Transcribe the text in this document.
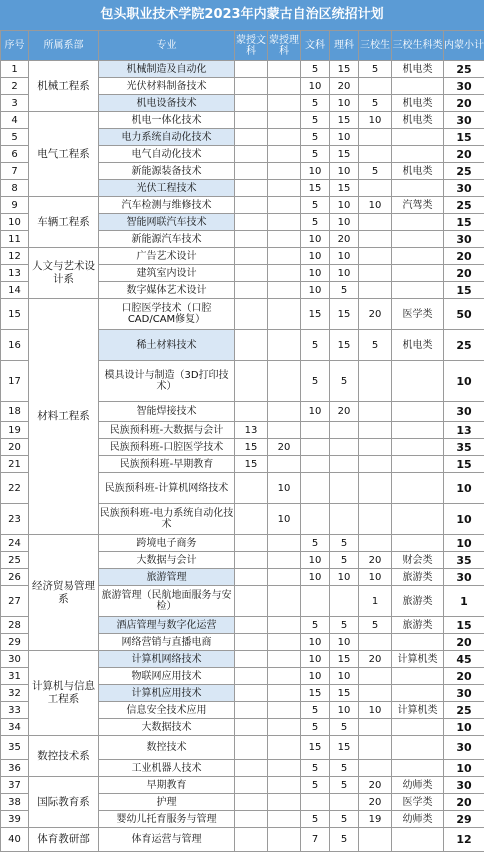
包头职业技术学院2023年内蒙古自治区统招计划
序号	所属系部	专业	蒙授文科	蒙授理科	文科	理科	三校生	三校生科类	内蒙小计
1	机械工程系	机械制造及自动化			5	15	5	机电类	25
2		光伏材料制备技术			10	20			30
3		机电设备技术			5	10	5	机电类	20
4	电气工程系	机电一体化技术			5	15	10	机电类	30
5		电力系统自动化技术			5	10			15
6		电气自动化技术			5	15			20
7		新能源装备技术			10	10	5	机电类	25
8		光伏工程技术			15	15			30
9	车辆工程系	汽车检测与维修技术			5	10	10	汽驾类	25
10		智能网联汽车技术			5	10			15
11		新能源汽车技术			10	20			30
12	人文与艺术设计系	广告艺术设计			10	10			20
13		建筑室内设计			10	10			20
14		数字媒体艺术设计			10	5			15
15	材料工程系	口腔医学技术（口腔CAD/CAM修复）			15	15	20	医学类	50
16		稀土材料技术			5	15	5	机电类	25
17		模具设计与制造（3D打印技术）			5	5			10
18		智能焊接技术			10	20			30
19		民族预科班-大数据与会计	13						13
20		民族预科班-口腔医学技术	15	20					35
21		民族预科班-早期教育	15						15
22		民族预科班-计算机网络技术		10					10
23		民族预科班-电力系统自动化技术		10					10
24	经济贸易管理系	跨境电子商务			5	5			10
25		大数据与会计			10	5	20	财会类	35
26		旅游管理			10	10	10	旅游类	30
27		旅游管理（民航地面服务与安检）					1	旅游类	1
28		酒店管理与数字化运营			5	5	5	旅游类	15
29		网络营销与直播电商			10	10			20
30	计算机与信息工程系	计算机网络技术			10	15	20	计算机类	45
31		物联网应用技术			10	10			20
32		计算机应用技术			15	15			30
33		信息安全技术应用			5	10	10	计算机类	25
34		大数据技术			5	5			10
35	数控技术系	数控技术			15	15			30
36		工业机器人技术			5	5			10
37	国际教育系	早期教育			5	5	20	幼师类	30
38		护理					20	医学类	20
39		婴幼儿托育服务与管理			5	5	19	幼师类	29
40	体育教研部	体育运营与管理			7	5			12
